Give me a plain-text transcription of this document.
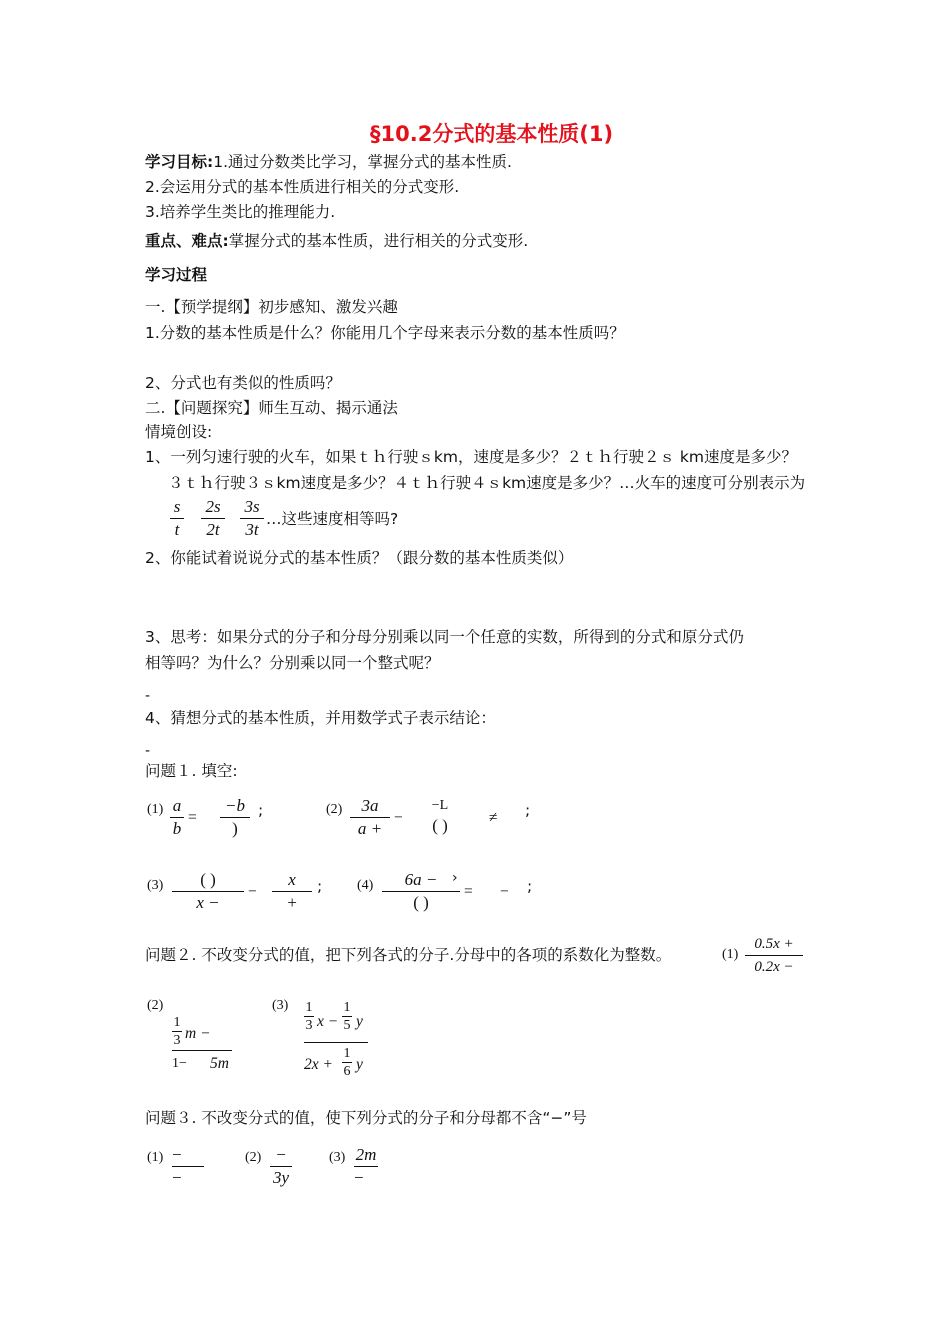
§10.2分式的基本性质(1)
学习目标:1.通过分数类比学习，掌握分式的基本性质.
2.会运用分式的基本性质进行相关的分式变形.
3.培养学生类比的推理能力.
重点、难点:掌握分式的基本性质，进行相关的分式变形.
学习过程
一.【预学提纲】初步感知、激发兴趣
1.分数的基本性质是什么？你能用几个字母来表示分数的基本性质吗？
2、分式也有类似的性质吗？
二.【问题探究】师生互动、揭示通法
情境创设:
1、一列匀速行驶的火车，如果ｔｈ行驶ｓkm，速度是多少？２ｔｈ行驶２ｓ km速度是多少？
３ｔｈ行驶３ｓkm速度是多少？４ｔｈ行驶４ｓkm速度是多少？…火车的速度可分别表示为
s
t
2s
2t
3s
3t
…这些速度相等吗?
2、你能试着说说分式的基本性质？（跟分数的基本性质类似）
3、思考：如果分式的分子和分母分别乘以同一个任意的实数，所得到的分式和原分式仍
相等吗？为什么？分别乘以同一个整式呢？
-
4、猜想分式的基本性质，并用数学式子表示结论：
-
问题１. 填空:
(1) a
b
=
−b
)
;	(2)	3a
a +
−
−L
( )	≠ ;
(3)	( )
x −
−
x
+
; (4)	6a −
( )
›
= − ;
问题２. 不改变分式的值，把下列各式的分子.分母中的各项的系数化为整数。	(1)
0.5x +
0.2x −
(2)
1
3 m −
1− 5m
(3) 1
3 x −
1
5 y
2x +
1
6 y
问题３. 不改变分式的值，使下列分式的分子和分母都不含“−”号
(1) −
−
(2) −
3y
(3) 2m
−
